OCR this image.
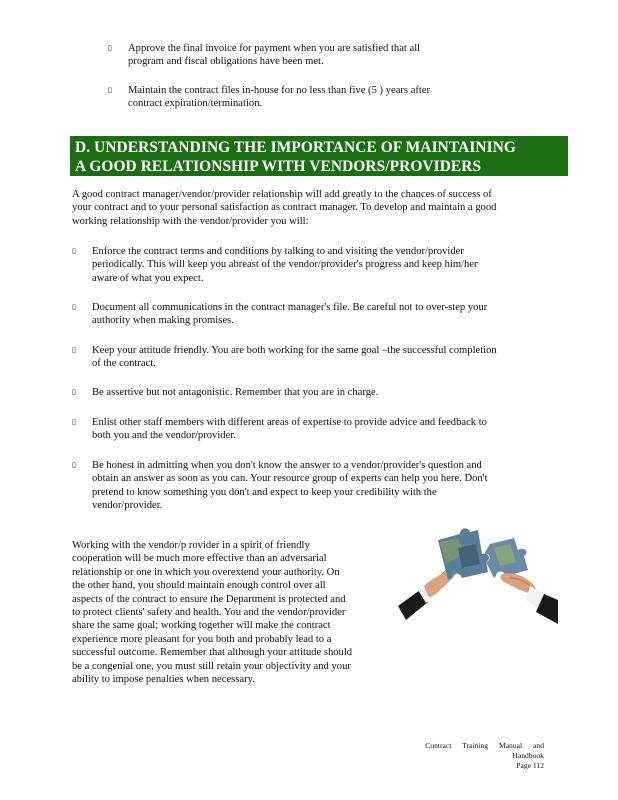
▯	Approve the final invoice for payment when you are satisfied that all
program and fiscal obligations have been met.
▯	Maintain the contract files in-house for no less than five (5 ) years after
contract expiration/termination.
D. UNDERSTANDING THE IMPORTANCE OF MAINTAINING
A GOOD RELATIONSHIP WITH VENDORS/PROVIDERS
A good contract manager/vendor/provider relationship will add greatly to the chances of success of
your contract and to your personal satisfaction as contract manager. To develop and maintain a good
working relationship with the vendor/provider you will:
▯	Enforce the contract terms and conditions by talking to and visiting the vendor/provider
periodically. This will keep you abreast of the vendor/provider's progress and keep him/her
aware of what you expect.
▯	Document all communications in the contract manager's file. Be careful not to over-step your
authority when making promises.
▯	Keep your attitude friendly. You are both working for the same goal –the successful completion
of the contract.
▯	Be assertive but not antagonistic. Remember that you are in charge.
▯	Enlist other staff members with different areas of expertise to provide advice and feedback to
both you and the vendor/provider.
▯	Be honest in admitting when you don't know the answer to a vendor/provider's question and
obtain an answer as soon as you can. Your resource group of experts can help you here. Don't
pretend to know something you don't and expect to keep your credibility with the
vendor/provider.
Working with the vendor/p rovider in a spirit of friendly
cooperation will be much more effective than an adversarial
relationship or one in which you overextend your authority. On
the other hand, you should maintain enough control over all
aspects of the contract to ensure the Department is protected and
to protect clients' safety and health. You and the vendor/provider
share the same goal; working together will make the contract
experience more pleasant for you both and probably lead to a
successful outcome. Remember that although your attitude should
be a congenial one, you must still retain your objectivity and your
ability to impose penalties when necessary.
Contract Training Manual and Handbook
Page 112
